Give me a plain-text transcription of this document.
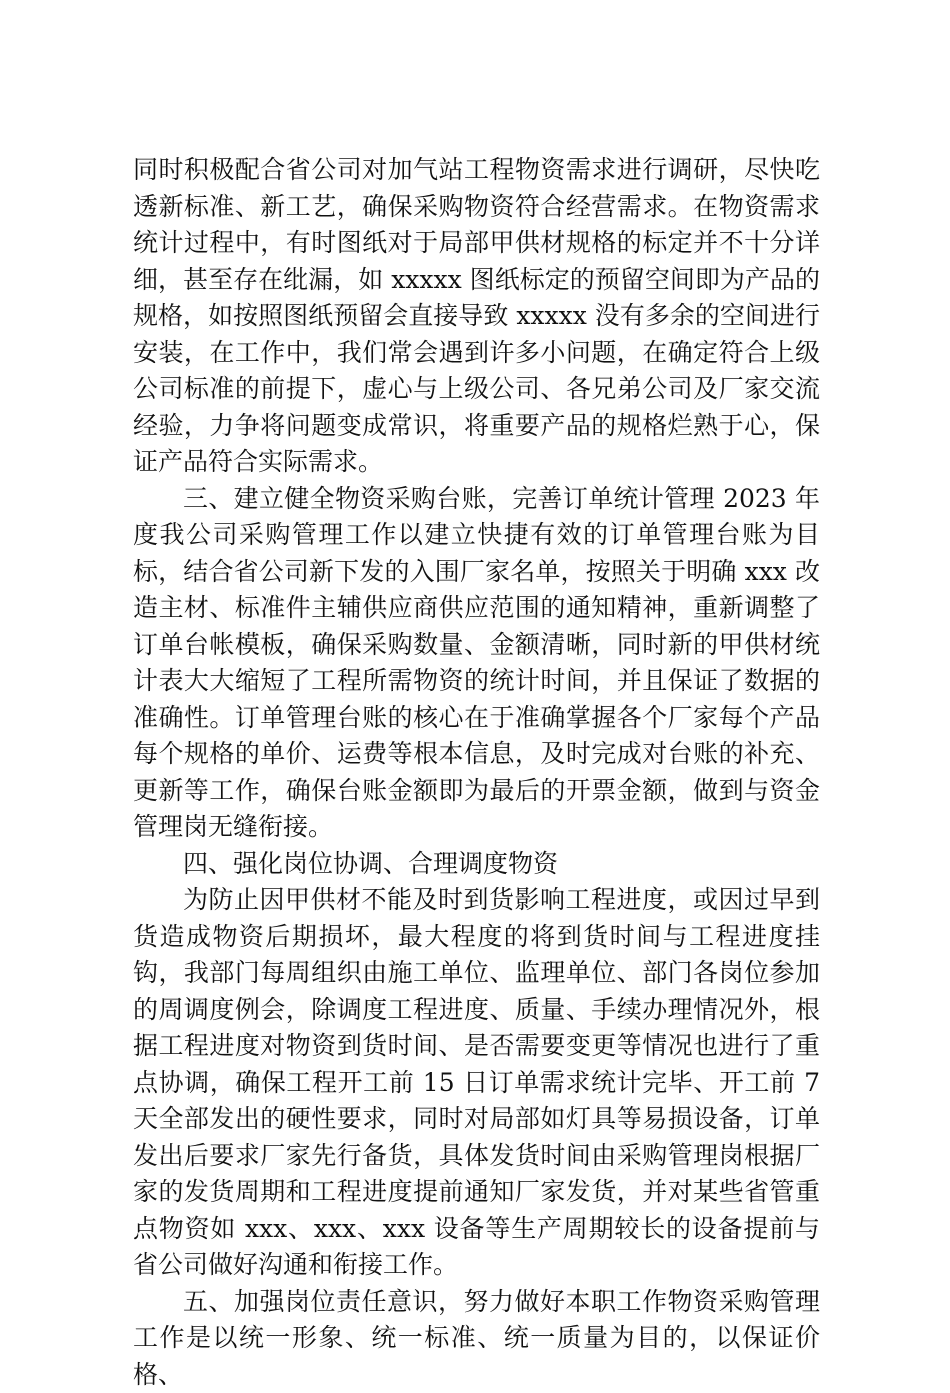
同时积极配合省公司对加气站工程物资需求进行调研，尽快吃透新标准、新工艺，确保采购物资符合经营需求。在物资需求统计过程中，有时图纸对于局部甲供材规格的标定并不十分详细，甚至存在纰漏，如 xxxxx 图纸标定的预留空间即为产品的规格，如按照图纸预留会直接导致 xxxxx 没有多余的空间进行安装，在工作中，我们常会遇到许多小问题，在确定符合上级公司标准的前提下，虚心与上级公司、各兄弟公司及厂家交流经验，力争将问题变成常识，将重要产品的规格烂熟于心，保证产品符合实际需求。

三、建立健全物资采购台账，完善订单统计管理 2023 年度我公司采购管理工作以建立快捷有效的订单管理台账为目标，结合省公司新下发的入围厂家名单，按照关于明确 xxx 改造主材、标准件主辅供应商供应范围的通知精神，重新调整了订单台帐模板，确保采购数量、金额清晰，同时新的甲供材统计表大大缩短了工程所需物资的统计时间，并且保证了数据的准确性。订单管理台账的核心在于准确掌握各个厂家每个产品每个规格的单价、运费等根本信息，及时完成对台账的补充、更新等工作，确保台账金额即为最后的开票金额，做到与资金管理岗无缝衔接。

四、强化岗位协调、合理调度物资

为防止因甲供材不能及时到货影响工程进度，或因过早到货造成物资后期损坏，最大程度的将到货时间与工程进度挂钩，我部门每周组织由施工单位、监理单位、部门各岗位参加的周调度例会，除调度工程进度、质量、手续办理情况外，根据工程进度对物资到货时间、是否需要变更等情况也进行了重点协调，确保工程开工前 15 日订单需求统计完毕、开工前 7 天全部发出的硬性要求，同时对局部如灯具等易损设备，订单发出后要求厂家先行备货，具体发货时间由采购管理岗根据厂家的发货周期和工程进度提前通知厂家发货，并对某些省管重点物资如 xxx、xxx、xxx 设备等生产周期较长的设备提前与省公司做好沟通和衔接工作。

五、加强岗位责任意识，努力做好本职工作物资采购管理工作是以统一形象、统一标准、统一质量为目的，以保证价格、
